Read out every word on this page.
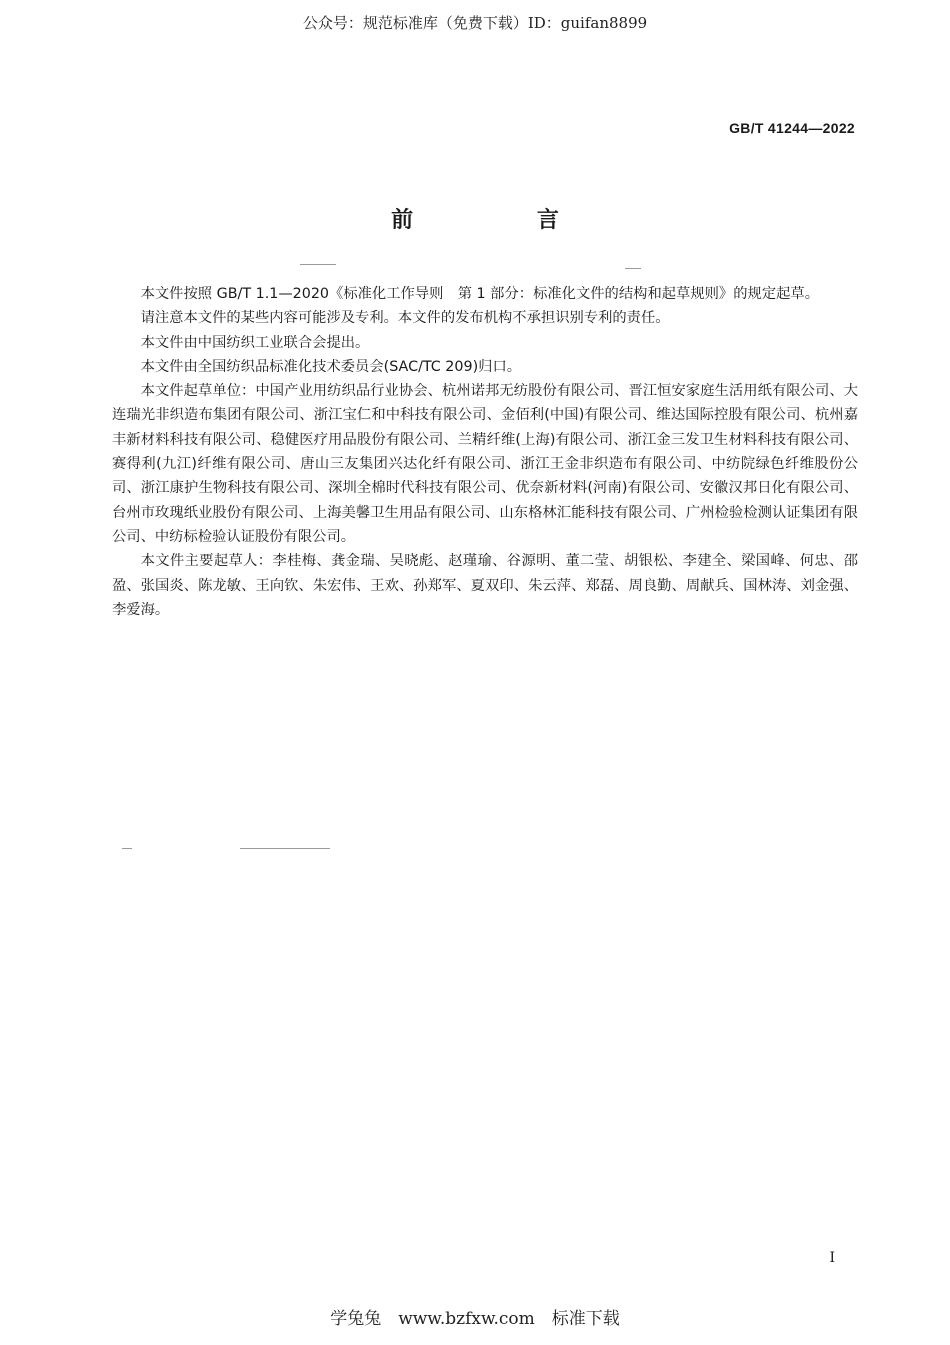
公众号：规范标准库（免费下载）ID：guifan8899
GB/T 41244—2022
前 言

本文件按照 GB/T 1.1—2020《标准化工作导则　第 1 部分：标准化文件的结构和起草规则》的规定起草。

请注意本文件的某些内容可能涉及专利。本文件的发布机构不承担识别专利的责任。

本文件由中国纺织工业联合会提出。

本文件由全国纺织品标准化技术委员会(SAC/TC 209)归口。

本文件起草单位：中国产业用纺织品行业协会、杭州诺邦无纺股份有限公司、晋江恒安家庭生活用纸有限公司、大连瑞光非织造布集团有限公司、浙江宝仁和中科技有限公司、金佰利(中国)有限公司、维达国际控股有限公司、杭州嘉丰新材料科技有限公司、稳健医疗用品股份有限公司、兰精纤维(上海)有限公司、浙江金三发卫生材料科技有限公司、赛得利(九江)纤维有限公司、唐山三友集团兴达化纤有限公司、浙江王金非织造布有限公司、中纺院绿色纤维股份公司、浙江康护生物科技有限公司、深圳全棉时代科技有限公司、优奈新材料(河南)有限公司、安徽汉邦日化有限公司、台州市玫瑰纸业股份有限公司、上海美馨卫生用品有限公司、山东格林汇能科技有限公司、广州检验检测认证集团有限公司、中纺标检验认证股份有限公司。

本文件主要起草人：李桂梅、龚金瑞、吴晓彪、赵瑾瑜、谷源明、董二莹、胡银松、李建全、梁国峰、何忠、邵盈、张国炎、陈龙敏、王向钦、朱宏伟、王欢、孙郑军、夏双印、朱云萍、郑磊、周良勤、周献兵、国林涛、刘金强、李爱海。

I
学兔兔　www.bzfxw.com　标准下载
